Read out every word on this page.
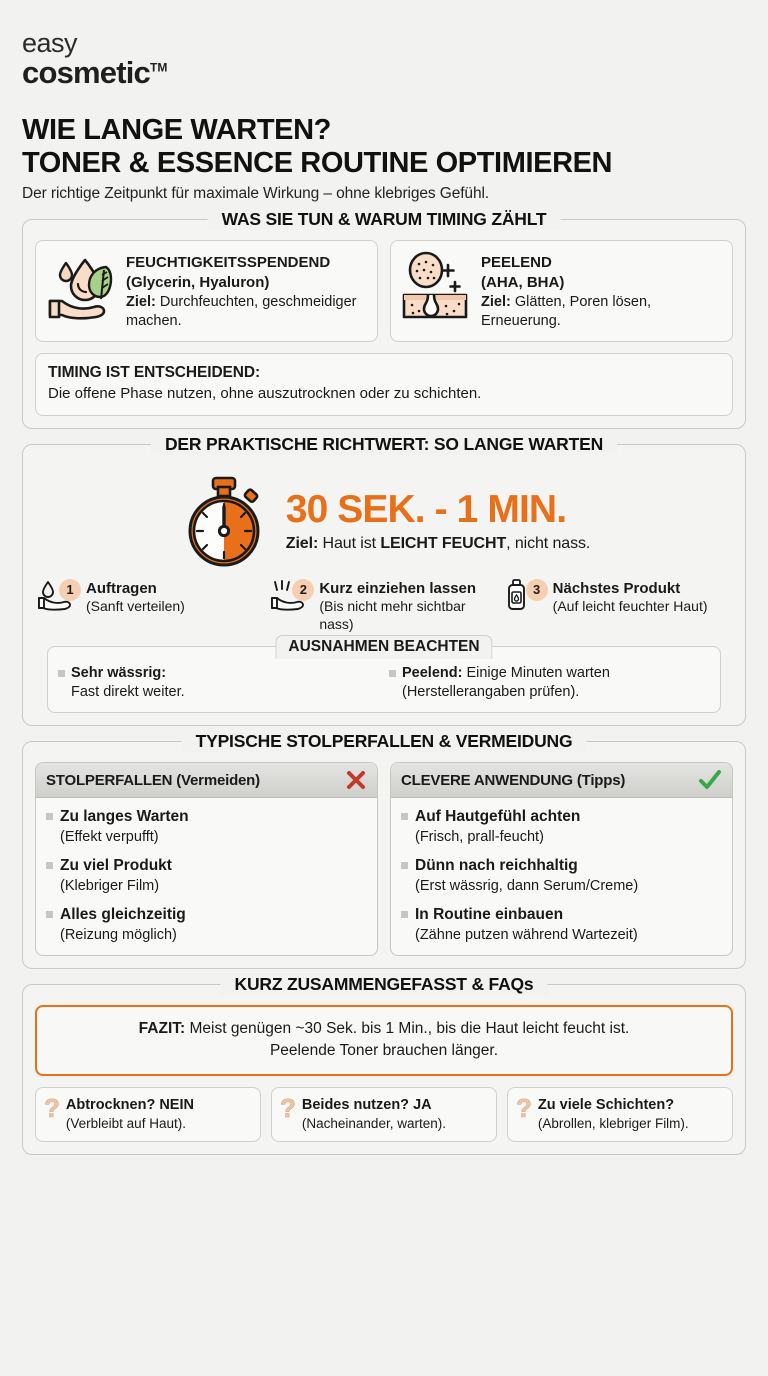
easy
cosmetic™
WIE LANGE WARTEN?
TONER & ESSENCE ROUTINE OPTIMIEREN
Der richtige Zeitpunkt für maximale Wirkung – ohne klebriges Gefühl.
WAS SIE TUN & WARUM TIMING ZÄHLT
FEUCHTIGKEITSSPENDEND
(Glycerin, Hyaluron)
Ziel: Durchfeuchten, geschmeidiger machen.
PEELEND
(AHA, BHA)
Ziel: Glätten, Poren lösen, Erneuerung.
TIMING IST ENTSCHEIDEND:
Die offene Phase nutzen, ohne auszutrocknen oder zu schichten.
DER PRAKTISCHE RICHTWERT: SO LANGE WARTEN
30 SEK. - 1 MIN.
Ziel: Haut ist LEICHT FEUCHT, nicht nass.
1 Auftragen
(Sanft verteilen)
2 Kurz einziehen lassen
(Bis nicht mehr sichtbar nass)
3 Nächstes Produkt
(Auf leicht feuchter Haut)
AUSNAHMEN BEACHTEN
Sehr wässrig:
Fast direkt weiter.
Peelend: Einige Minuten warten
(Herstellerangaben prüfen).
TYPISCHE STOLPERFALLEN & VERMEIDUNG
STOLPERFALLEN (Vermeiden)
Zu langes Warten
(Effekt verpufft)
Zu viel Produkt
(Klebriger Film)
Alles gleichzeitig
(Reizung möglich)
CLEVERE ANWENDUNG (Tipps)
Auf Hautgefühl achten
(Frisch, prall-feucht)
Dünn nach reichhaltig
(Erst wässrig, dann Serum/Creme)
In Routine einbauen
(Zähne putzen während Wartezeit)
KURZ ZUSAMMENGEFASST & FAQs
FAZIT: Meist genügen ~30 Sek. bis 1 Min., bis die Haut leicht feucht ist.
Peelende Toner brauchen länger.
? Abtrocknen? NEIN
(Verbleibt auf Haut).
? Beides nutzen? JA
(Nacheinander, warten).
? Zu viele Schichten?
(Abrollen, klebriger Film).
